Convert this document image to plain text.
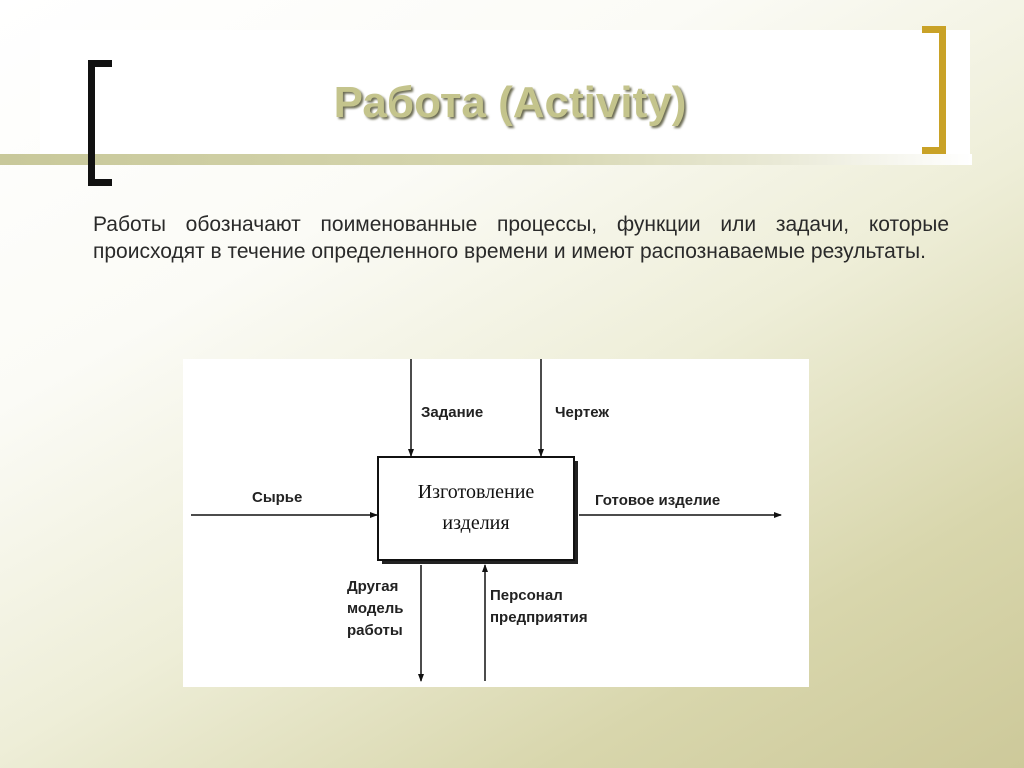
Работа (Activity)

Работы обозначают поименованные процессы, функции или задачи, которые происходят в течение определенного времени и имеют распознаваемые результаты.

Изготовление
изделия
Задание	Чертеж
Сырье	Готовое изделие
Другая
модель
работы
Персонал
предприятия
